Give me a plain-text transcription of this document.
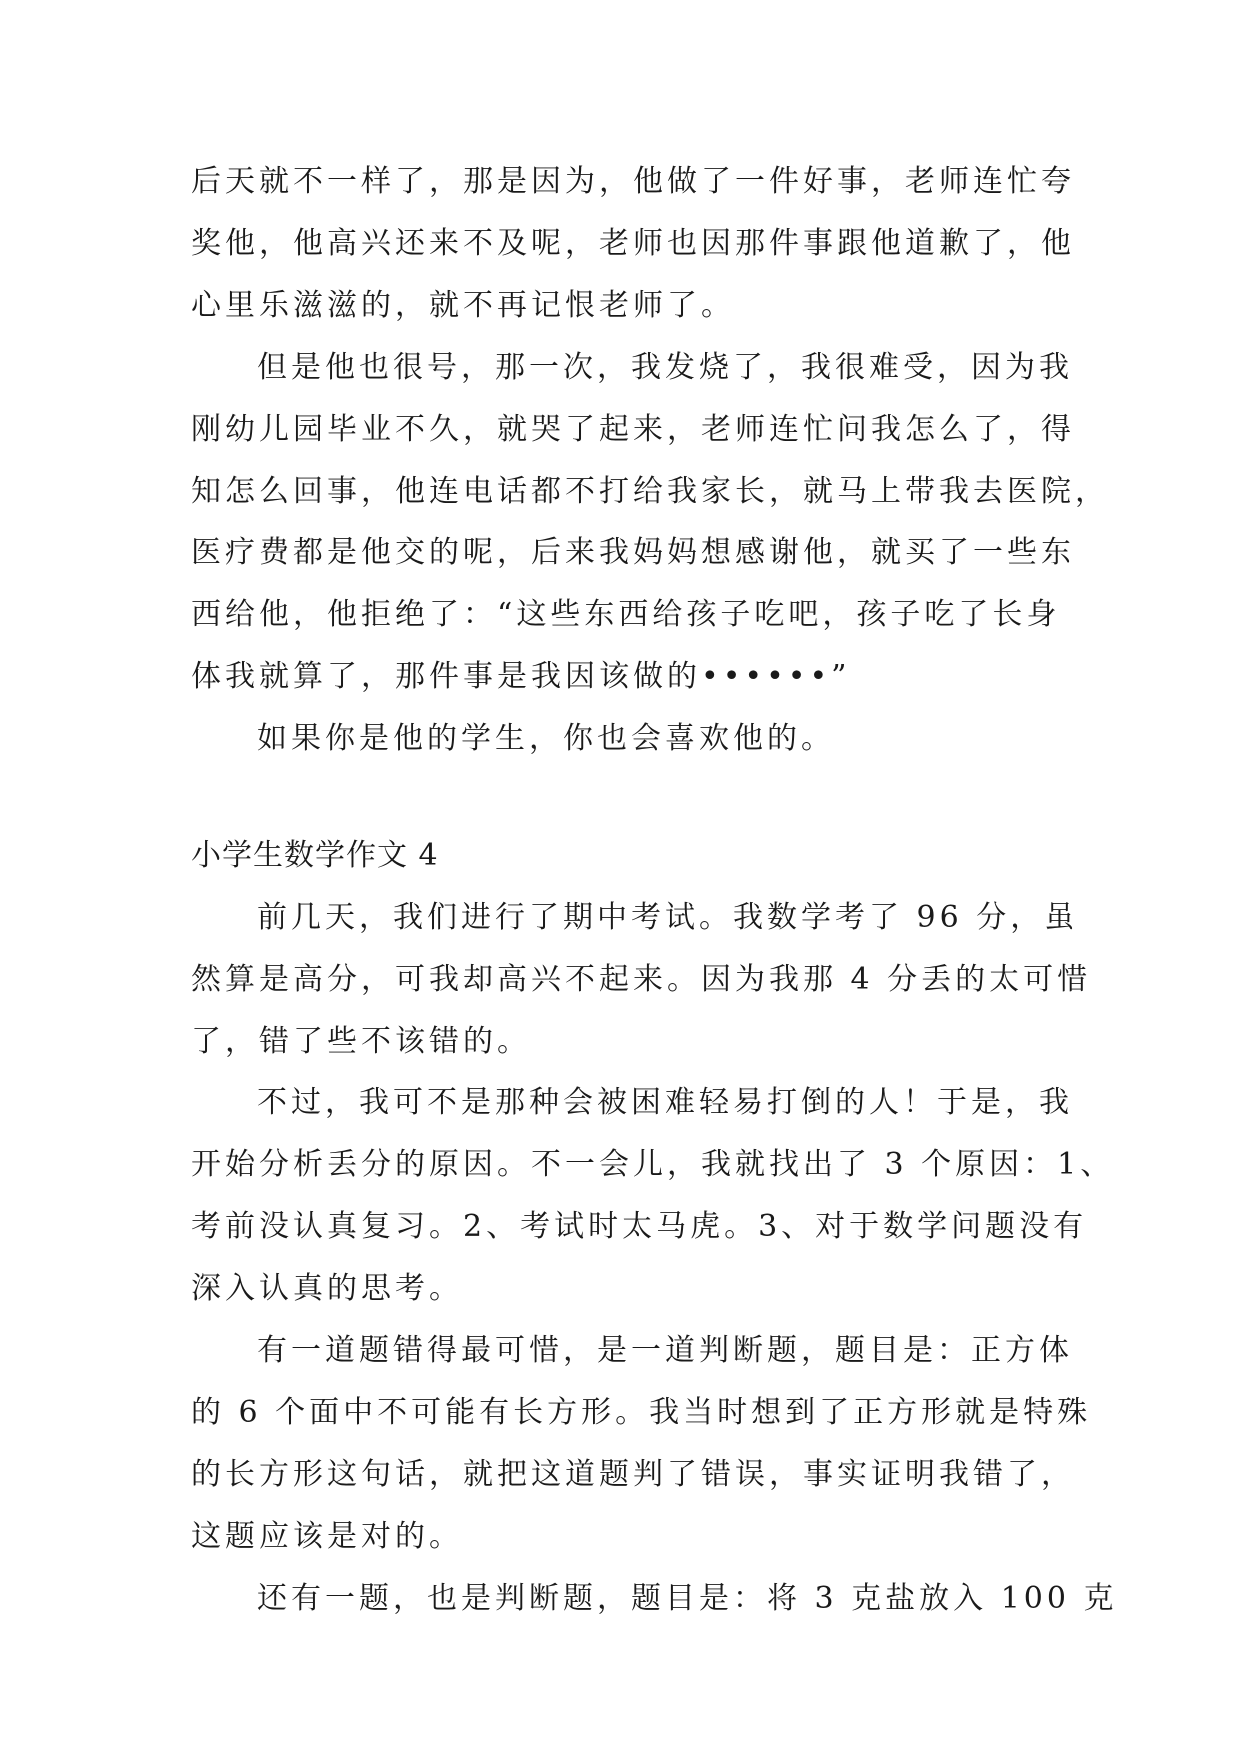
后天就不一样了，那是因为，他做了一件好事，老师连忙夸
奖他，他高兴还来不及呢，老师也因那件事跟他道歉了，他
心里乐滋滋的，就不再记恨老师了。
但是他也很号，那一次，我发烧了，我很难受，因为我
刚幼儿园毕业不久，就哭了起来，老师连忙问我怎么了，得
知怎么回事，他连电话都不打给我家长，就马上带我去医院，
医疗费都是他交的呢，后来我妈妈想感谢他，就买了一些东
西给他，他拒绝了：“这些东西给孩子吃吧，孩子吃了长身
体我就算了，那件事是我因该做的••••••”
如果你是他的学生，你也会喜欢他的。
小学生数学作文 4
前几天，我们进行了期中考试。我数学考了 96 分，虽
然算是高分，可我却高兴不起来。因为我那 4 分丢的太可惜
了，错了些不该错的。
不过，我可不是那种会被困难轻易打倒的人！于是，我
开始分析丢分的原因。不一会儿，我就找出了 3 个原因：1、
考前没认真复习。2、考试时太马虎。3、对于数学问题没有
深入认真的思考。
有一道题错得最可惜，是一道判断题，题目是：正方体
的 6 个面中不可能有长方形。我当时想到了正方形就是特殊
的长方形这句话，就把这道题判了错误，事实证明我错了，
这题应该是对的。
还有一题，也是判断题，题目是：将 3 克盐放入 100 克
